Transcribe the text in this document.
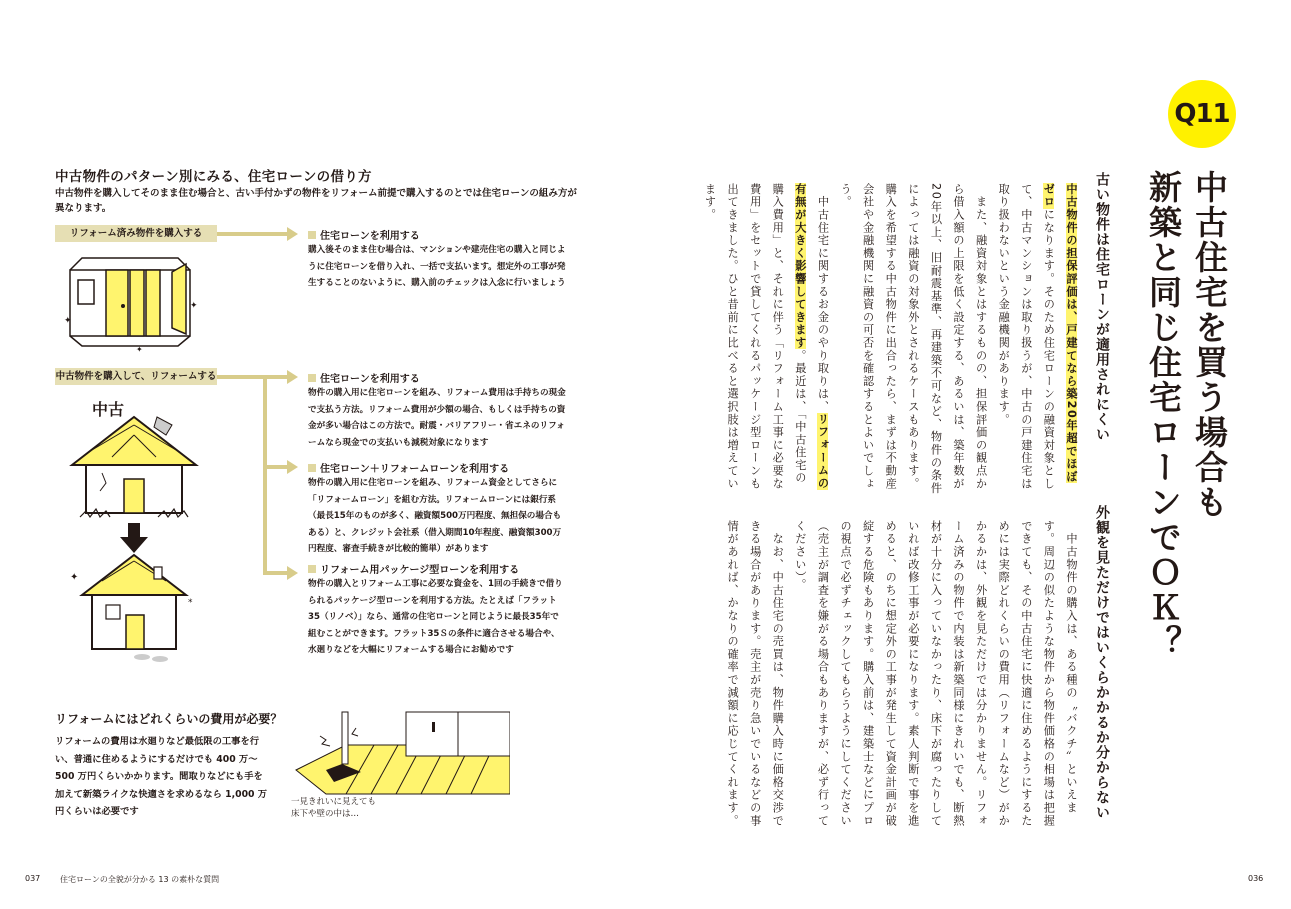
中古物件のパターン別にみる、住宅ローンの借り方
中古物件を購入してそのまま住む場合と、古い手付かずの物件をリフォーム前提で購入するのとでは住宅ローンの組み方が異なります。
リフォーム済み物件を購入する	住宅ローンを利用する
購入後そのまま住む場合は、マンションや建売住宅の購入と同じように住宅ローンを借り入れ、一括で支払います。想定外の工事が発生することのないように、購入前のチェックは入念に行いましょう
✦
✦
✦
中古物件を購入して、リフォームする	住宅ローンを利用する
物件の購入用に住宅ローンを組み、リフォーム費用は手持ちの現金で支払う方法。リフォーム費用が少額の場合、もしくは手持ちの資金が多い場合はこの方法で。耐震・バリアフリー・省エネのリフォームなら現金での支払いも減税対象になります
住宅ローン＋リフォームローンを利用する
物件の購入用に住宅ローンを組み、リフォーム資金としてさらに「リフォームローン」を組む方法。リフォームローンには銀行系（最長15年のものが多く、融資額500万円程度、無担保の場合もある）と、クレジット会社系（借入期間10年程度、融資額300万円程度、審査手続きが比較的簡単）があります
リフォーム用パッケージ型ローンを利用する
物件の購入とリフォーム工事に必要な資金を、1回の手続きで借りられるパッケージ型ローンを利用する方法。たとえば「フラット35（リノベ）」なら、通常の住宅ローンと同じように最長35年で組むことができます。フラット35Ｓの条件に適合させる場合や、水廻りなどを大幅にリフォームする場合にお勧めです
中古
✦
*
リフォームにはどれくらいの費用が必要？
リフォームの費用は水廻りなど最低限の工事を行い、普通に住めるようにするだけでも 400 万～ 500 万円くらいかかります。間取りなどにも手を加えて新築ライクな快適さを求めるなら 1,000 万円くらいは必要です
一見きれいに見えても
床下や壁の中は…
037 住宅ローンの全貌が分かる 13 の素朴な質問
Q11
中古住宅を買う場合も
新築と同じ住宅ローンでＯＫ？
古い物件は住宅ローンが適用されにくい
中古物件の担保評価は、戸建てなら築20年超でほぼゼロになります。そのため住宅ローンの融資対象として、中古マンションは取り扱うが、中古の戸建住宅は取り扱わないという金融機関があります。
　また、融資対象とはするものの、担保評価の観点から借入額の上限を低く設定する、あるいは、築年数が20年以上、旧耐震基準、再建築不可など、物件の条件によっては融資の対象外とされるケースもあります。購入を希望する中古物件に出合ったら、まずは不動産会社や金融機関に融資の可否を確認するとよいでしょう。
　中古住宅に関するお金のやり取りは、リフォームの有無が大きく影響してきます。最近は、「中古住宅の購入費用」と、それに伴う「リフォーム工事に必要な費用」をセットで貸してくれるパッケージ型ローンも出てきました。ひと昔前に比べると選択肢は増えています。
外観を見ただけではいくらかかるか分からない
　中古物件の購入は、ある種の〝バクチ〟といえます。周辺の似たような物件から物件価格の相場は把握できても、その中古住宅に快適に住めるようにするためには実際どれくらいの費用（リフォームなど）がかかるかは、外観を見ただけでは分かりません。リフォーム済みの物件で内装は新築同様にきれいでも、断熱材が十分に入っていなかったり、床下が腐ったりしていれば改修工事が必要になります。素人判断で事を進めると、のちに想定外の工事が発生して資金計画が破綻する危険もあります。購入前は、建築士などにプロの視点で必ずチェックしてもらうようにしてください（売主が調査を嫌がる場合もありますが、必ず行ってください）。
　なお、中古住宅の売買は、物件購入時に価格交渉できる場合があります。売主が売り急いでいるなどの事情があれば、かなりの確率で減額に応じてくれます。
036
